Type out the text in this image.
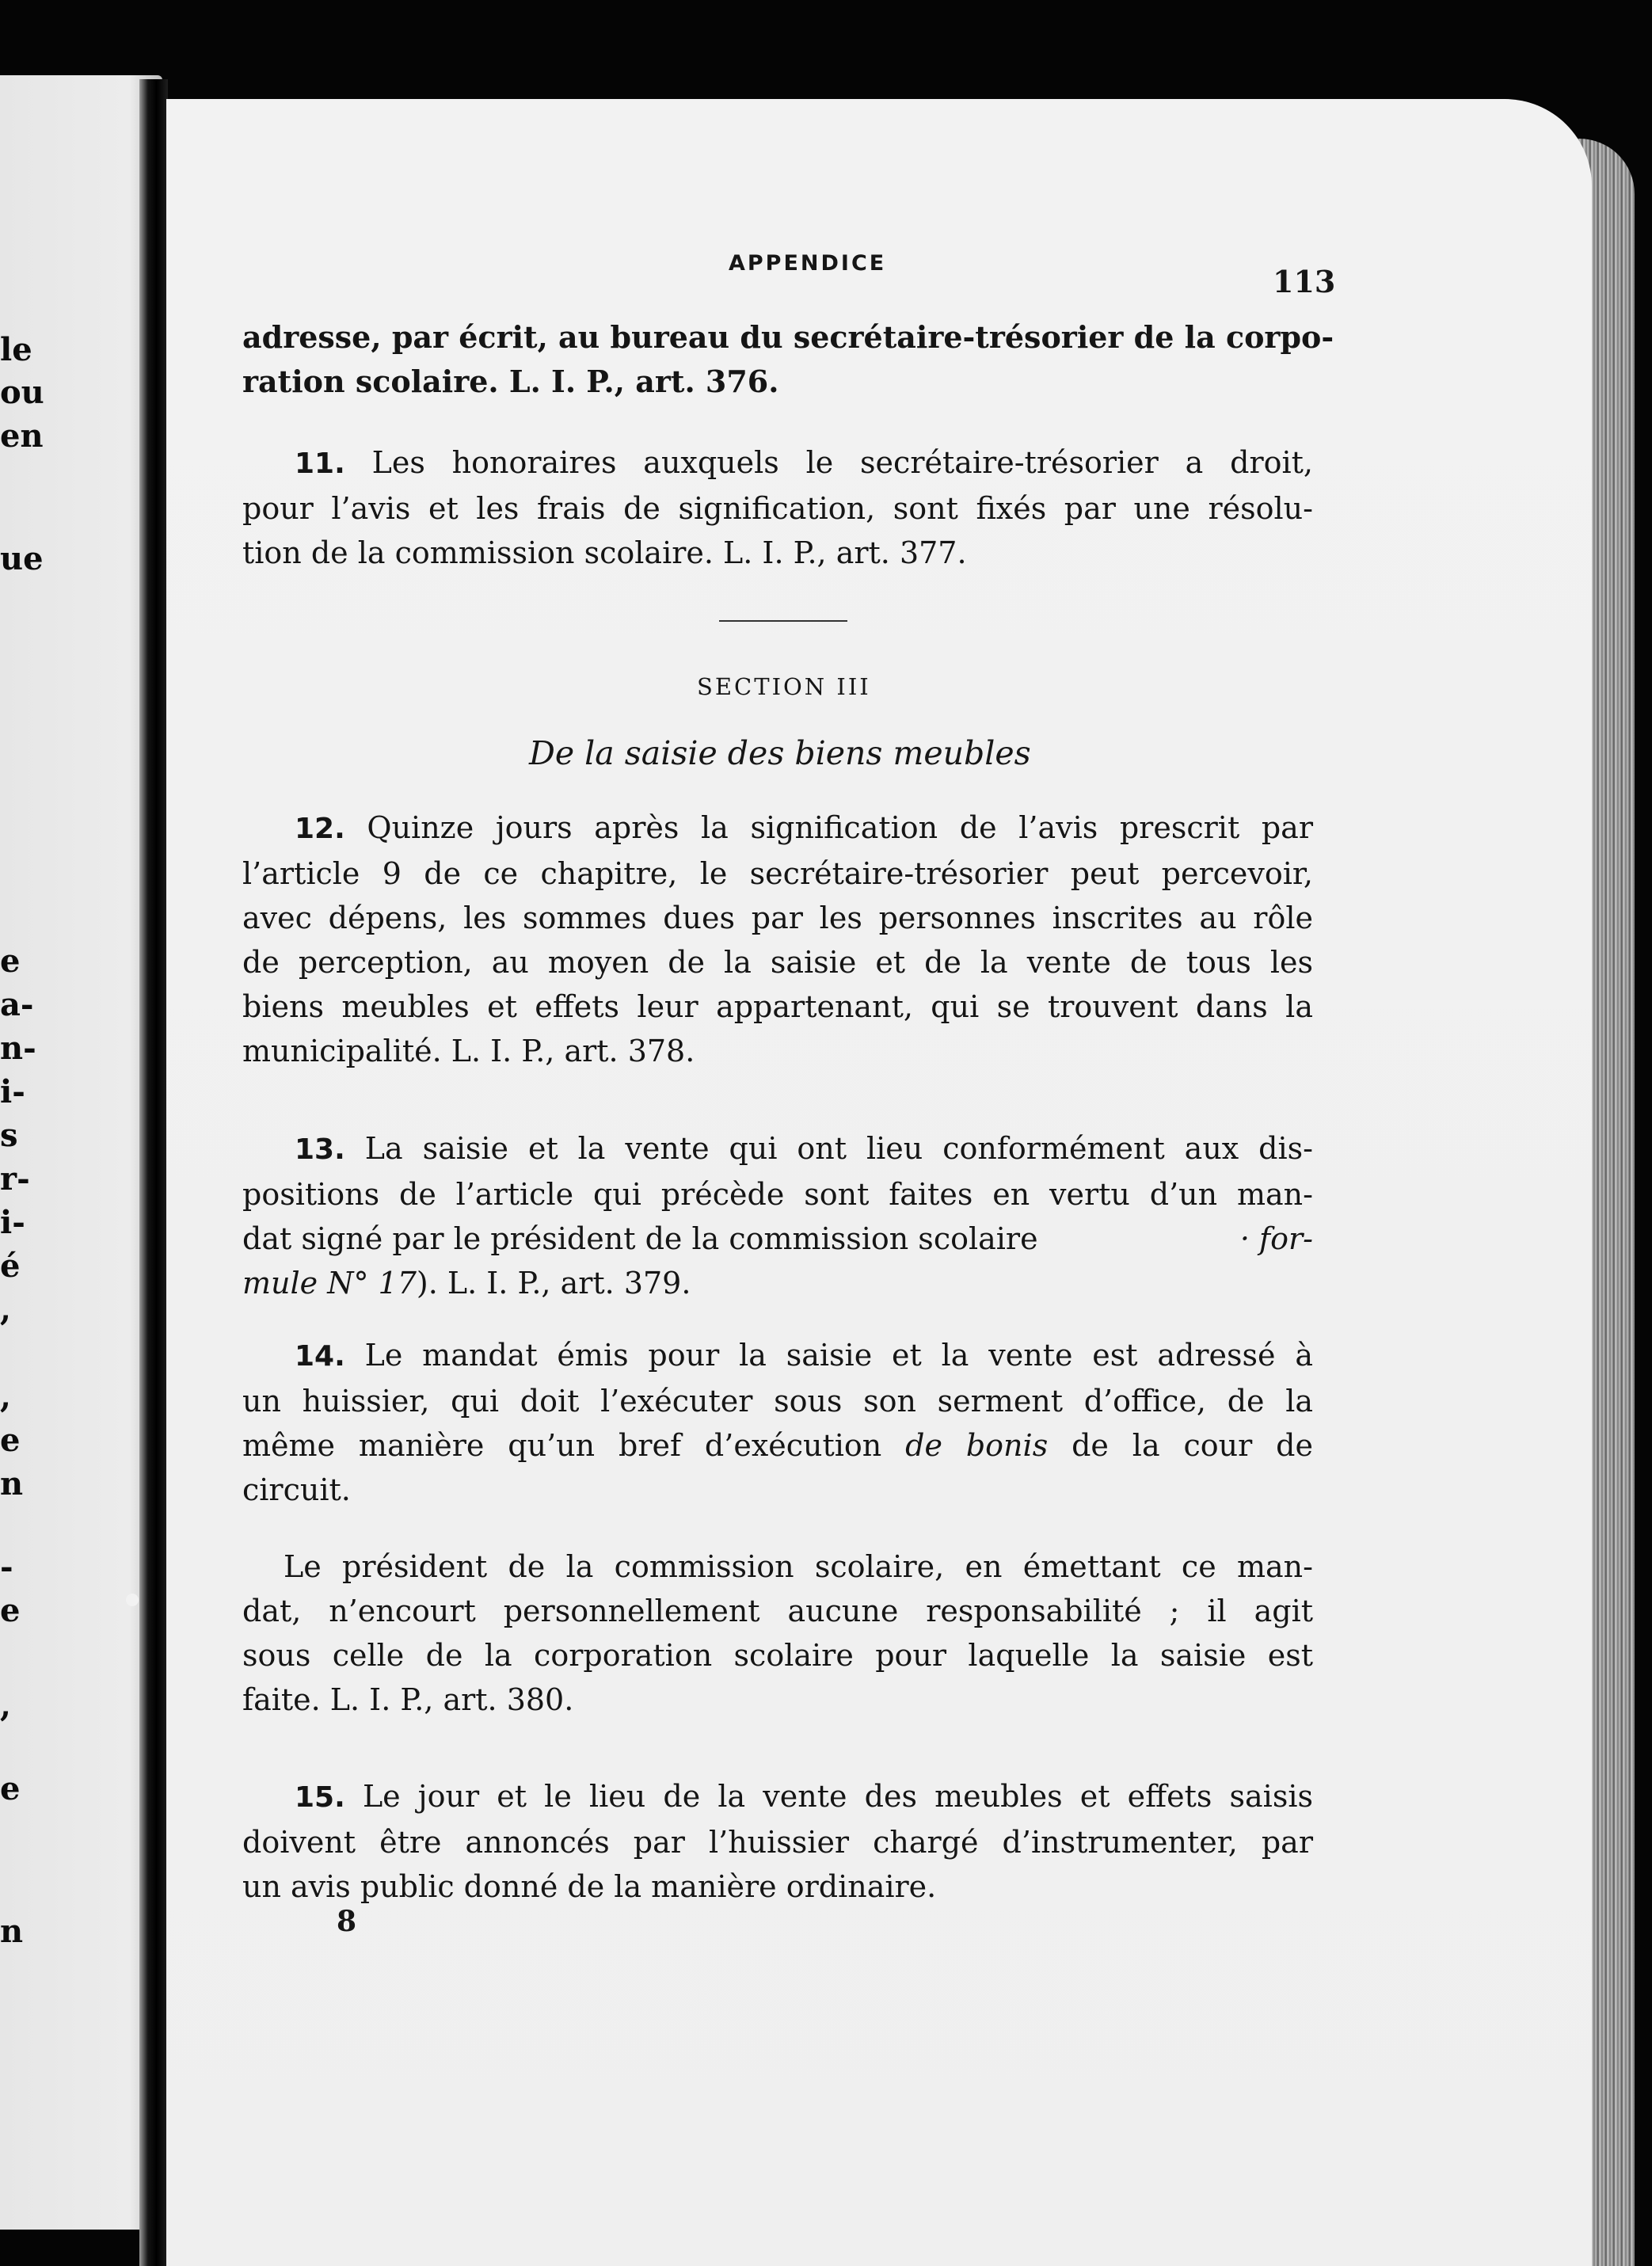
le
ou
en
ue
e
a-
n-
i-
s
r-
i-
é
,
,
e
n
-
e
,
e
n
APPENDICE
113
adresse, par écrit, au bureau du secrétaire-trésorier de la corpo-
ration scolaire. L. I. P., art. 376.
11. Les honoraires auxquels le secrétaire-trésorier a droit,
pour l’avis et les frais de signification, sont fixés par une résolu-
tion de la commission scolaire. L. I. P., art. 377.
SECTION III
De la saisie des biens meubles
12. Quinze jours après la signification de l’avis prescrit par
l’article 9 de ce chapitre, le secrétaire-trésorier peut percevoir,
avec dépens, les sommes dues par les personnes inscrites au rôle
de perception, au moyen de la saisie et de la vente de tous les
biens meubles et effets leur appartenant, qui se trouvent dans la
municipalité. L. I. P., art. 378.
13. La saisie et la vente qui ont lieu conformément aux dis-
positions de l’article qui précède sont faites en vertu d’un man-
dat signé par le président de la commission scolaire	· for-
mule N° 17). L. I. P., art. 379.
14. Le mandat émis pour la saisie et la vente est adressé à
un huissier, qui doit l’exécuter sous son serment d’office, de la
même manière qu’un bref d’exécution de bonis de la cour de
circuit.
Le président de la commission scolaire, en émettant ce man-
dat, n’encourt personnellement aucune responsabilité ; il agit
sous celle de la corporation scolaire pour laquelle la saisie est
faite. L. I. P., art. 380.
15. Le jour et le lieu de la vente des meubles et effets saisis
doivent être annoncés par l’huissier chargé d’instrumenter, par
un avis public donné de la manière ordinaire.
8
